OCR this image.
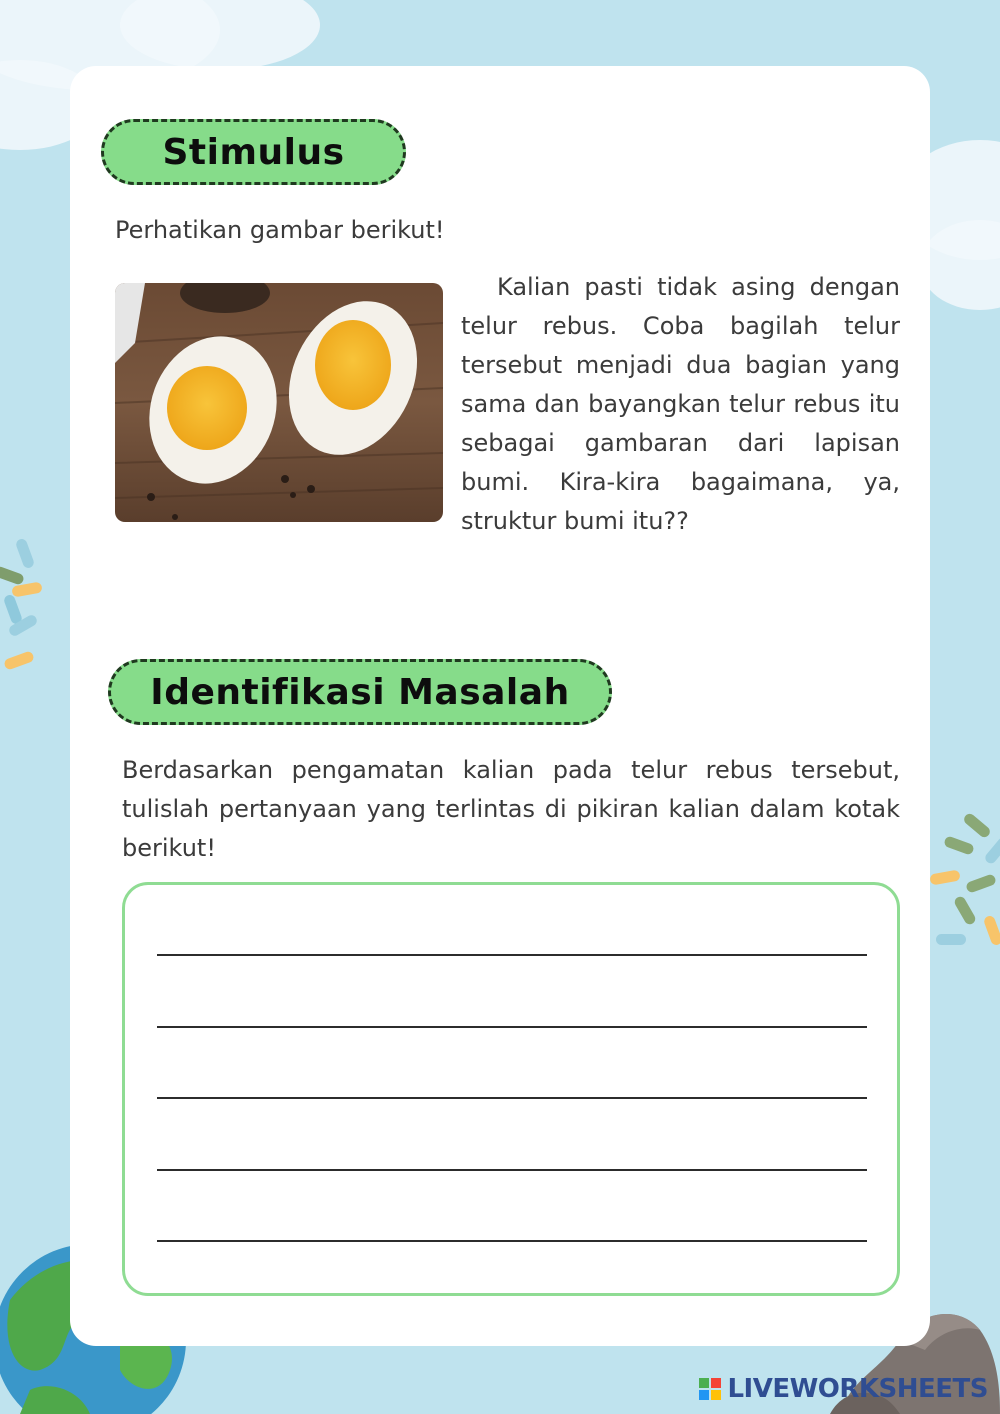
Stimulus
Perhatikan gambar berikut!
Kalian pasti tidak asing dengan telur rebus. Coba bagilah telur tersebut menjadi dua bagian yang sama dan bayangkan telur rebus itu sebagai gambaran dari lapisan bumi. Kira-kira bagaimana, ya, struktur bumi itu??
Identifikasi Masalah
Berdasarkan pengamatan kalian pada telur rebus tersebut, tulislah pertanyaan yang terlintas di pikiran kalian dalam kotak berikut!
LIVEWORKSHEETS
